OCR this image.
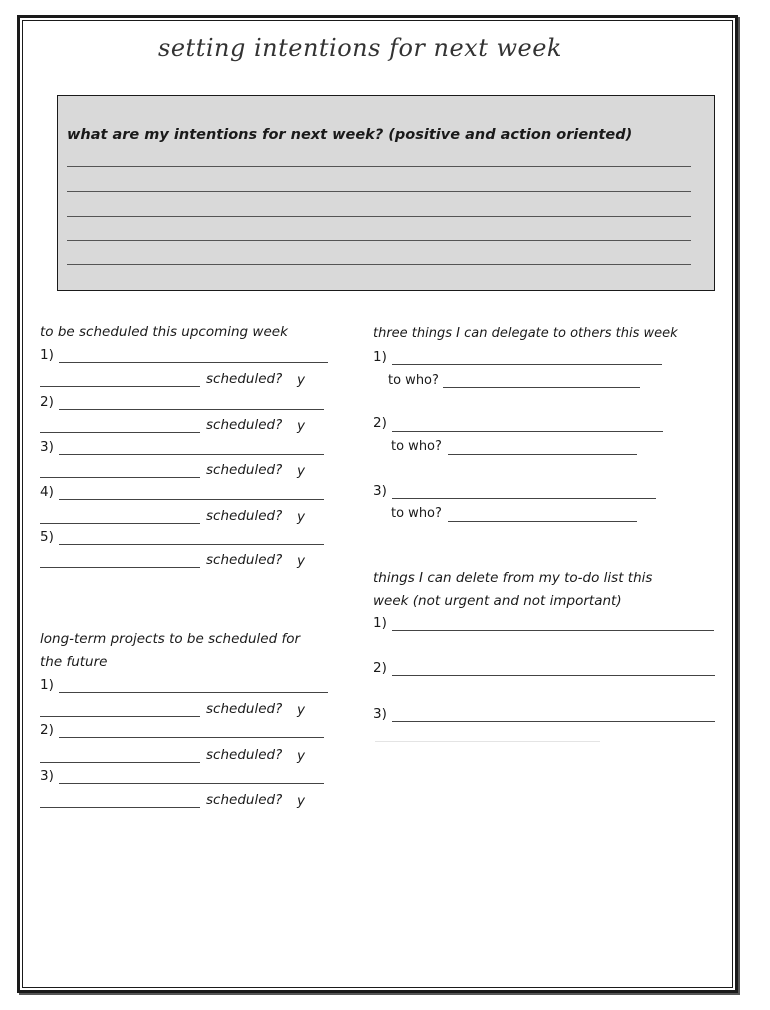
setting intentions for next week
what are my intentions for next week? (positive and action oriented)
to be scheduled this upcoming week
1)
scheduled? y
2)
scheduled? y
3)
scheduled? y
4)
scheduled? y
5)
scheduled? y
long-term projects to be scheduled for
the future
1)
scheduled? y
2)
scheduled? y
3)
scheduled? y
three things I can delegate to others this week
1)
to who?
2)
to who?
3)
to who?
things I can delete from my to-do list this
week (not urgent and not important)
1)
2)
3)
